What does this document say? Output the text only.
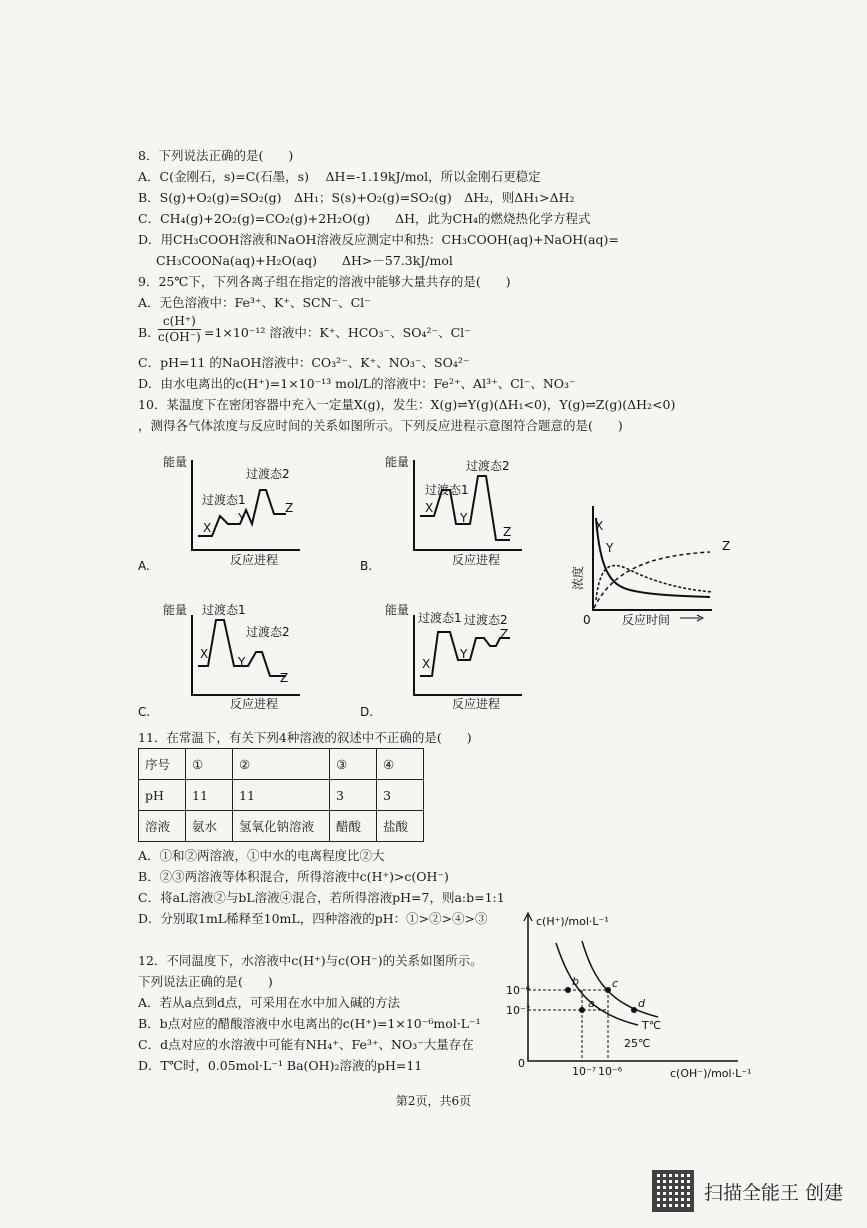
8．下列说法正确的是(　　)
A．C(金刚石，s)=C(石墨，s)　 ΔH=-1.19kJ/mol，所以金刚石更稳定
B．S(g)+O₂(g)=SO₂(g)　ΔH₁；S(s)+O₂(g)=SO₂(g)　ΔH₂，则ΔH₁>ΔH₂
C．CH₄(g)+2O₂(g)=CO₂(g)+2H₂O(g)　　ΔH，此为CH₄的燃烧热化学方程式
D．用CH₃COOH溶液和NaOH溶液反应测定中和热：CH₃COOH(aq)+NaOH(aq)=
CH₃COONa(aq)+H₂O(aq)　　ΔH>－57.3kJ/mol
9．25℃下，下列各离子组在指定的溶液中能够大量共存的是(　　)
A．无色溶液中：Fe³⁺、K⁺、SCN⁻、Cl⁻
B. $\frac{c(H^+)}{c(OH^-)} =1\times 10^{-12}$ 溶液中：K⁺、HCO₃⁻、SO₄²⁻、Cl⁻
C．pH=11 的NaOH溶液中：CO₃²⁻、K⁺、NO₃⁻、SO₄²⁻
D．由水电离出的c(H⁺)=1×10⁻¹³ mol/L的溶液中：Fe²⁺、Al³⁺、Cl⁻、NO₃⁻
10．某温度下在密闭容器中充入一定量X(g)，发生：X(g)⇌Y(g)(ΔH₁<0)，Y(g)⇌Z(g)(ΔH₂<0)
，测得各气体浓度与反应时间的关系如图所示。下列反应进程示意图符合题意的是(　　)
能量
过渡态1
过渡态2
X
Y
Z
反应进程
A.
能量
过渡态1
过渡态2
X
Y
Z
反应进程
B.
能量 过渡态1
过渡态2
X
Y
Z
反应进程
C.
能量
过渡态1 过渡态2
X
Y
Z
反应进程
D.
X
Y	Z
浓度
0	反应时间
11．在常温下，有关下列4种溶液的叙述中不正确的是(　　)
序号	①	②	③	④
pH	11	11	3	3
溶液	氨水	氢氧化钠溶液	醋酸	盐酸
A．①和②两溶液，①中水的电离程度比②大
B．②③两溶液等体积混合，所得溶液中c(H⁺)>c(OH⁻)
C．将aL溶液②与bL溶液④混合，若所得溶液pH=7，则a:b=1:1
D．分别取1mL稀释至10mL，四种溶液的pH：①>②>④>③
12．不同温度下，水溶液中c(H⁺)与c(OH⁻)的关系如图所示。
下列说法正确的是(　　)
A．若从a点到d点，可采用在水中加入碱的方法
B．b点对应的醋酸溶液中水电离出的c(H⁺)=1×10⁻⁶mol·L⁻¹
C．d点对应的水溶液中可能有NH₄⁺、Fe³⁺、NO₃⁻大量存在
D．T℃时，0.05mol·L⁻¹ Ba(OH)₂溶液的pH=11
c(H⁺)/mol·L⁻¹
10⁻⁶
10⁻⁷
10⁻⁷ 10⁻⁶	c(OH⁻)/mol·L⁻¹
0
a
b	c
d
T℃
25℃
第2页，共6页
扫描全能王 创建
